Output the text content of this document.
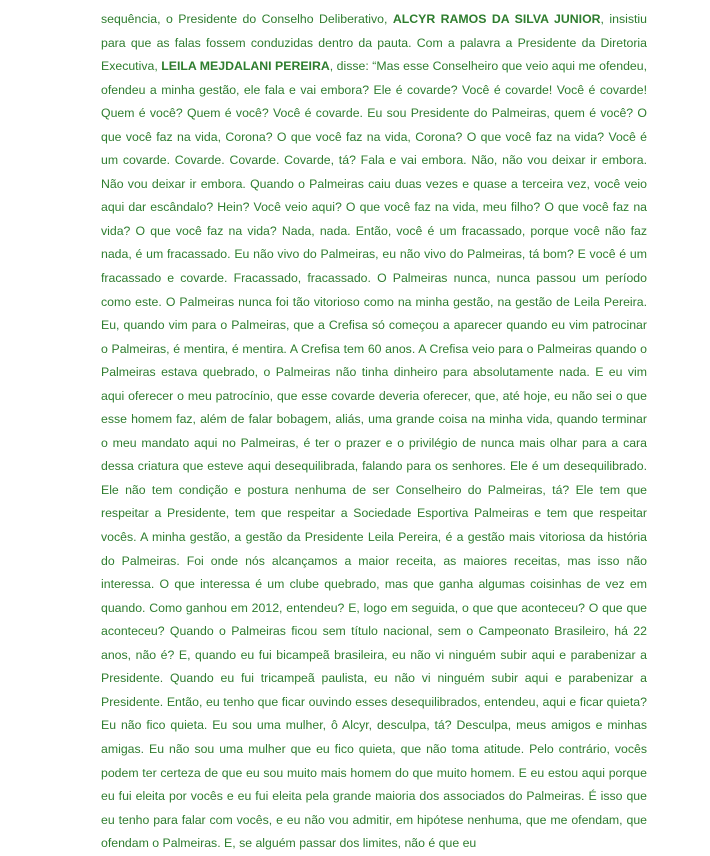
sequência, o Presidente do Conselho Deliberativo, ALCYR RAMOS DA SILVA JUNIOR, insistiu para que as falas fossem conduzidas dentro da pauta. Com a palavra a Presidente da Diretoria Executiva, LEILA MEJDALANI PEREIRA, disse: “Mas esse Conselheiro que veio aqui me ofendeu, ofendeu a minha gestão, ele fala e vai embora? Ele é covarde? Você é covarde! Você é covarde! Quem é você? Quem é você? Você é covarde. Eu sou Presidente do Palmeiras, quem é você? O que você faz na vida, Corona? O que você faz na vida, Corona? O que você faz na vida? Você é um covarde. Covarde. Covarde. Covarde, tá? Fala e vai embora. Não, não vou deixar ir embora. Não vou deixar ir embora. Quando o Palmeiras caiu duas vezes e quase a terceira vez, você veio aqui dar escândalo? Hein? Você veio aqui? O que você faz na vida, meu filho? O que você faz na vida? O que você faz na vida? Nada, nada. Então, você é um fracassado, porque você não faz nada, é um fracassado. Eu não vivo do Palmeiras, eu não vivo do Palmeiras, tá bom? E você é um fracassado e covarde. Fracassado, fracassado. O Palmeiras nunca, nunca passou um período como este. O Palmeiras nunca foi tão vitorioso como na minha gestão, na gestão de Leila Pereira. Eu, quando vim para o Palmeiras, que a Crefisa só começou a aparecer quando eu vim patrocinar o Palmeiras, é mentira, é mentira. A Crefisa tem 60 anos. A Crefisa veio para o Palmeiras quando o Palmeiras estava quebrado, o Palmeiras não tinha dinheiro para absolutamente nada. E eu vim aqui oferecer o meu patrocínio, que esse covarde deveria oferecer, que, até hoje, eu não sei o que esse homem faz, além de falar bobagem, aliás, uma grande coisa na minha vida, quando terminar o meu mandato aqui no Palmeiras, é ter o prazer e o privilégio de nunca mais olhar para a cara dessa criatura que esteve aqui desequilibrada, falando para os senhores. Ele é um desequilibrado. Ele não tem condição e postura nenhuma de ser Conselheiro do Palmeiras, tá? Ele tem que respeitar a Presidente, tem que respeitar a Sociedade Esportiva Palmeiras e tem que respeitar vocês. A minha gestão, a gestão da Presidente Leila Pereira, é a gestão mais vitoriosa da história do Palmeiras. Foi onde nós alcançamos a maior receita, as maiores receitas, mas isso não interessa. O que interessa é um clube quebrado, mas que ganha algumas coisinhas de vez em quando. Como ganhou em 2012, entendeu? E, logo em seguida, o que que aconteceu? O que que aconteceu? Quando o Palmeiras ficou sem título nacional, sem o Campeonato Brasileiro, há 22 anos, não é? E, quando eu fui bicampeã brasileira, eu não vi ninguém subir aqui e parabenizar a Presidente. Quando eu fui tricampeã paulista, eu não vi ninguém subir aqui e parabenizar a Presidente. Então, eu tenho que ficar ouvindo esses desequilibrados, entendeu, aqui e ficar quieta? Eu não fico quieta. Eu sou uma mulher, ô Alcyr, desculpa, tá? Desculpa, meus amigos e minhas amigas. Eu não sou uma mulher que eu fico quieta, que não toma atitude. Pelo contrário, vocês podem ter certeza de que eu sou muito mais homem do que muito homem. E eu estou aqui porque eu fui eleita por vocês e eu fui eleita pela grande maioria dos associados do Palmeiras. É isso que eu tenho para falar com vocês, e eu não vou admitir, em hipótese nenhuma, que me ofendam, que ofendam o Palmeiras. E, se alguém passar dos limites, não é que eu
